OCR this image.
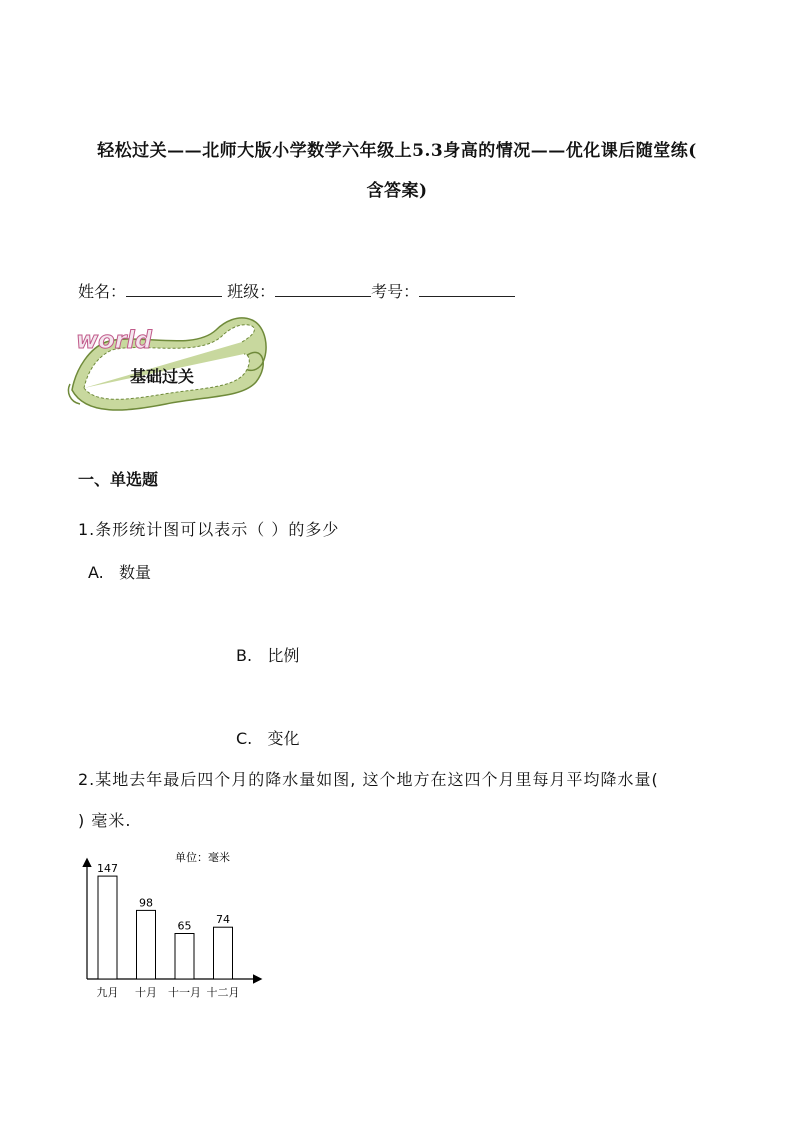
轻松过关——北师大版小学数学六年级上5.3身高的情况——优化课后随堂练(
含答案)
姓名：	班级：	考号：
world
基础过关
一、单选题
1.条形统计图可以表示（ ）的多少
A. 数量
B. 比例
C. 变化
2.某地去年最后四个月的降水量如图, 这个地方在这四个月里每月平均降水量(
) 毫米.
单位：毫米
147
九月
98
十月
65
十一月
74
十二月
